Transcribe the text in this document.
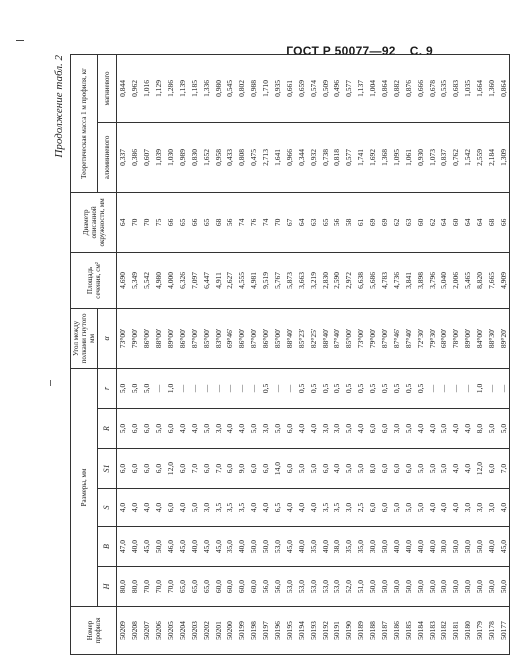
ГОСТ Р 50077—92 С. 9
Продолжение табл. 2
Номер профиля	Размеры, мм						Угол между полками гнутого мм	Площадь сечения, см²	Диаметр описанной окружности, мм	Теоретическая масса 1 м профиля, кг	
	H	B	S	S1	R	r	α			алюминиевого	магниевого
50209	80,0	47,0	4,0	6,0	5,0	5,0	73°00'	4,690	64	0,337	0,844
50208	80,0	40,0	4,0	6,0	6,0	5,0	79°00'	5,349	70	0,386	0,962
50207	70,0	45,0	4,0	6,0	6,0	5,0	86°00'	5,542	70	0,607	1,016
50206	70,0	50,0	4,0	6,0	5,0	—	88°00'	4,980	75	1,039	1,129
50205	70,0	46,0	6,0	12,0	6,0	1,0	89°00'	4,000	66	1,030	1,286
50204	65,0	45,0	4,0	6,0	4,0	—	86°00'	6,326	65	0,989	1,139
50203	65,0	40,0	5,0	7,0	4,0	—	87°00'	7,097	66	0,830	1,185
50202	65,0	45,0	3,0	6,0	5,0	—	85°00'	6,447	65	1,652	1,336
50201	60,0	45,0	3,5	7,0	3,0	—	83°00'	4,911	68	0,958	0,980
50200	60,0	35,0	3,5	6,0	4,0	—	69°46'	2,627	56	0,433	0,545
50199	60,0	40,0	3,5	9,0	4,0	—	86°00'	4,555	74	0,808	0,802
50198	60,0	50,0	4,0	6,0	5,0	—	87°00'	4,981	76	0,475	0,988
50197	56,0	50,0	4,0	6,0	3,0	0,5	86°00'	9,519	74	2,713	1,710
50196	56,0	53,0	6,5	14,0	5,0	—	85°00'	5,767	70	1,641	0,935
50195	53,0	45,0	4,0	6,0	6,0	—	88°40'	5,873	67	0,966	0,661
50194	53,0	40,0	4,0	5,0	4,0	0,5	85°23'	3,663	64	0,344	0,659
50193	53,0	35,0	4,0	5,0	4,0	0,5	82°25'	3,219	63	0,932	0,574
50192	53,0	40,0	3,5	6,0	3,0	0,5	88°40'	2,830	65	0,738	0,509
50191	53,0	38,0	3,5	4,0	3,0	0,5	87°40'	2,590	56	0,818	0,496
50190	52,0	35,0	3,0	5,0	5,0	0,5	85°00'	2,972	58	0,577	0,577
50189	51,0	35,0	2,5	5,0	4,0	0,5	73°00'	6,638	61	1,741	1,137
50188	50,0	30,0	6,0	8,0	6,0	0,5	79°00'	5,686	69	1,692	1,004
50187	50,0	50,0	6,0	6,0	6,0	0,5	87°00'	4,783	69	1,368	0,864
50186	50,0	40,0	5,0	6,0	3,0	0,5	87°46'	4,736	62	1,095	0,882
50185	50,0	40,0	5,0	6,0	5,0	0,5	87°40'	3,841	63	1,061	0,876
50184	50,0	40,0	5,0	5,0	4,0	0,5	72°30'	3,898	60	0,930	0,666
50183	50,0	40,0	4,0	5,0	4,0	—	79°30'	3,796	62	1,073	0,678
50182	50,0	30,0	4,0	5,0	5,0	—	68°00'	5,040	64	0,837	0,535
50181	50,0	50,0	4,0	4,0	4,0	—	78°00'	2,006	60	0,762	0,683
50180	50,0	50,0	3,0	4,0	4,0	—	89°00'	5,465	64	1,542	1,035
50179	50,0	50,0	3,0	12,0	8,0	1,0	84°00'	8,820	64	2,559	1,664
50178	50,0	40,0	3,0	6,0	5,0	—	88°30'	7,665	68	2,184	1,360
50177	50,0	45,0	4,0	7,0	5,0	—	89°20'	4,909	66	1,309	0,864
